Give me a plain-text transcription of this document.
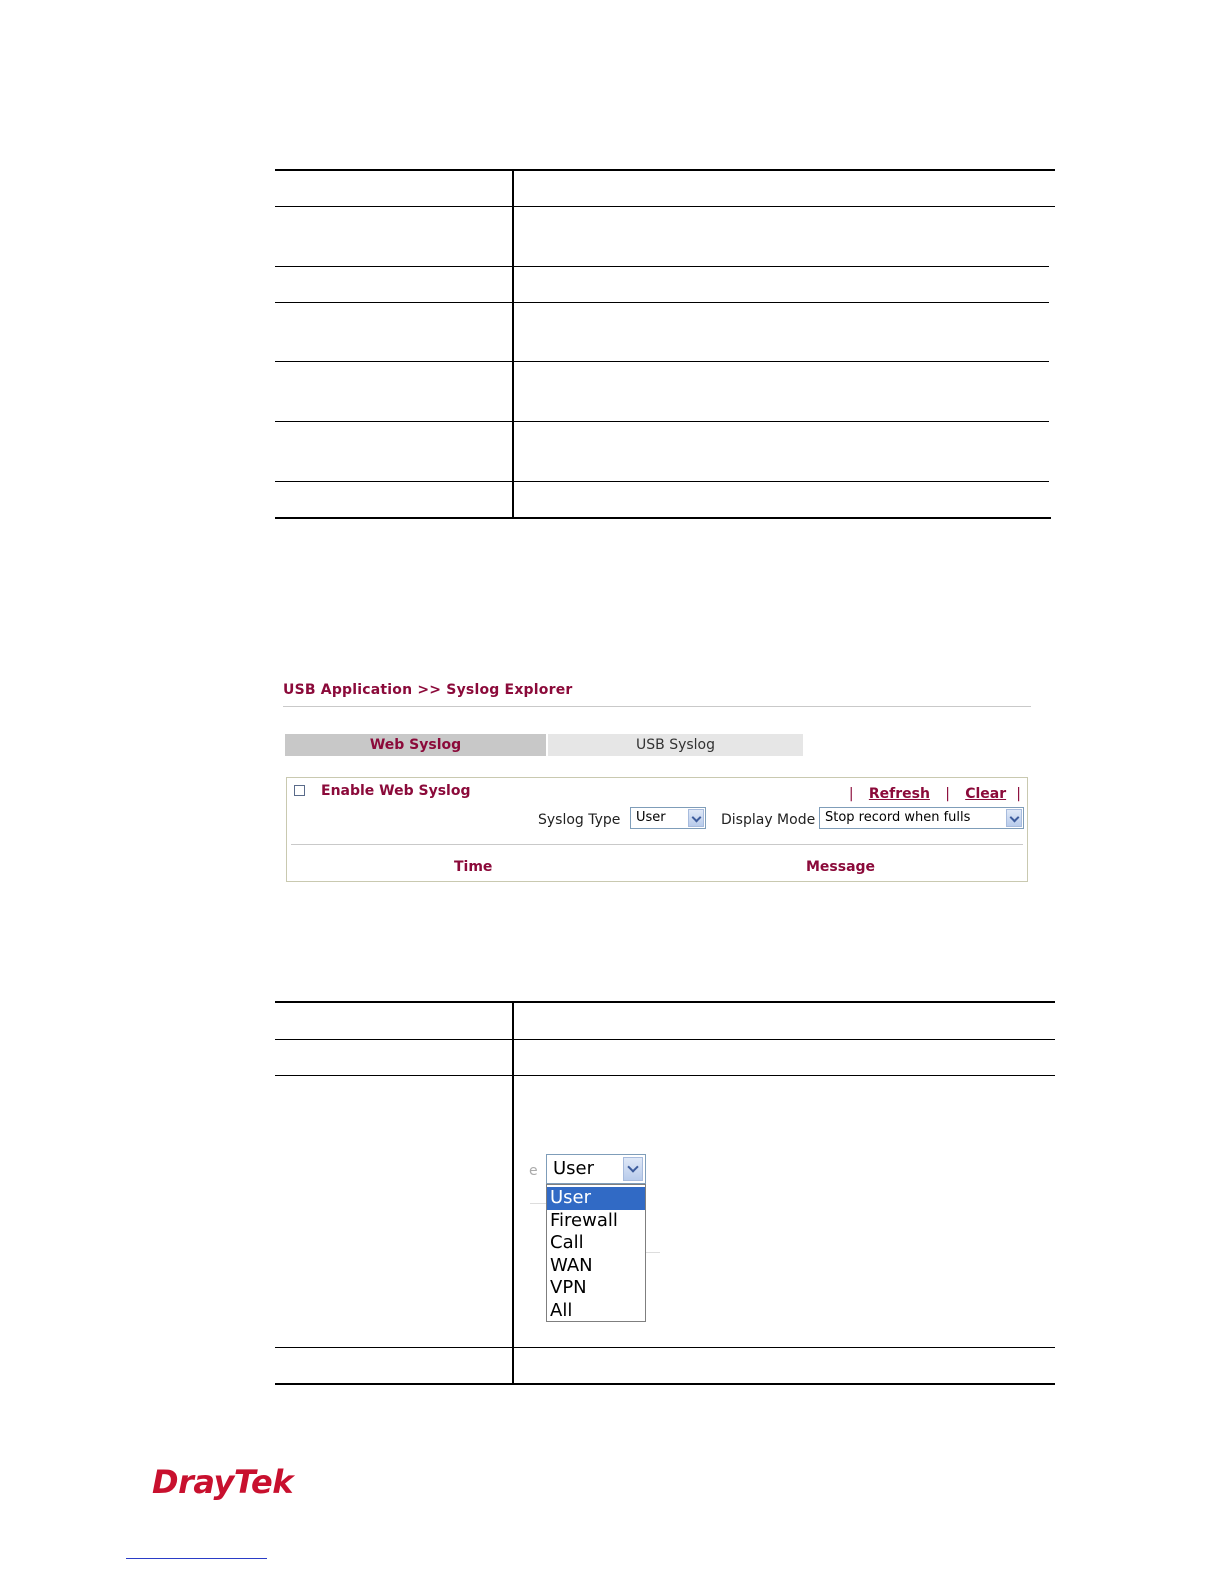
USB Application >> Syslog Explorer
Web Syslog	USB Syslog
Enable Web Syslog	| Refresh | Clear |
Syslog Type User	Display Mode Stop record when fulls
Time	Message
e User
User
Firewall
Call
WAN
VPN
All
DrayTek
